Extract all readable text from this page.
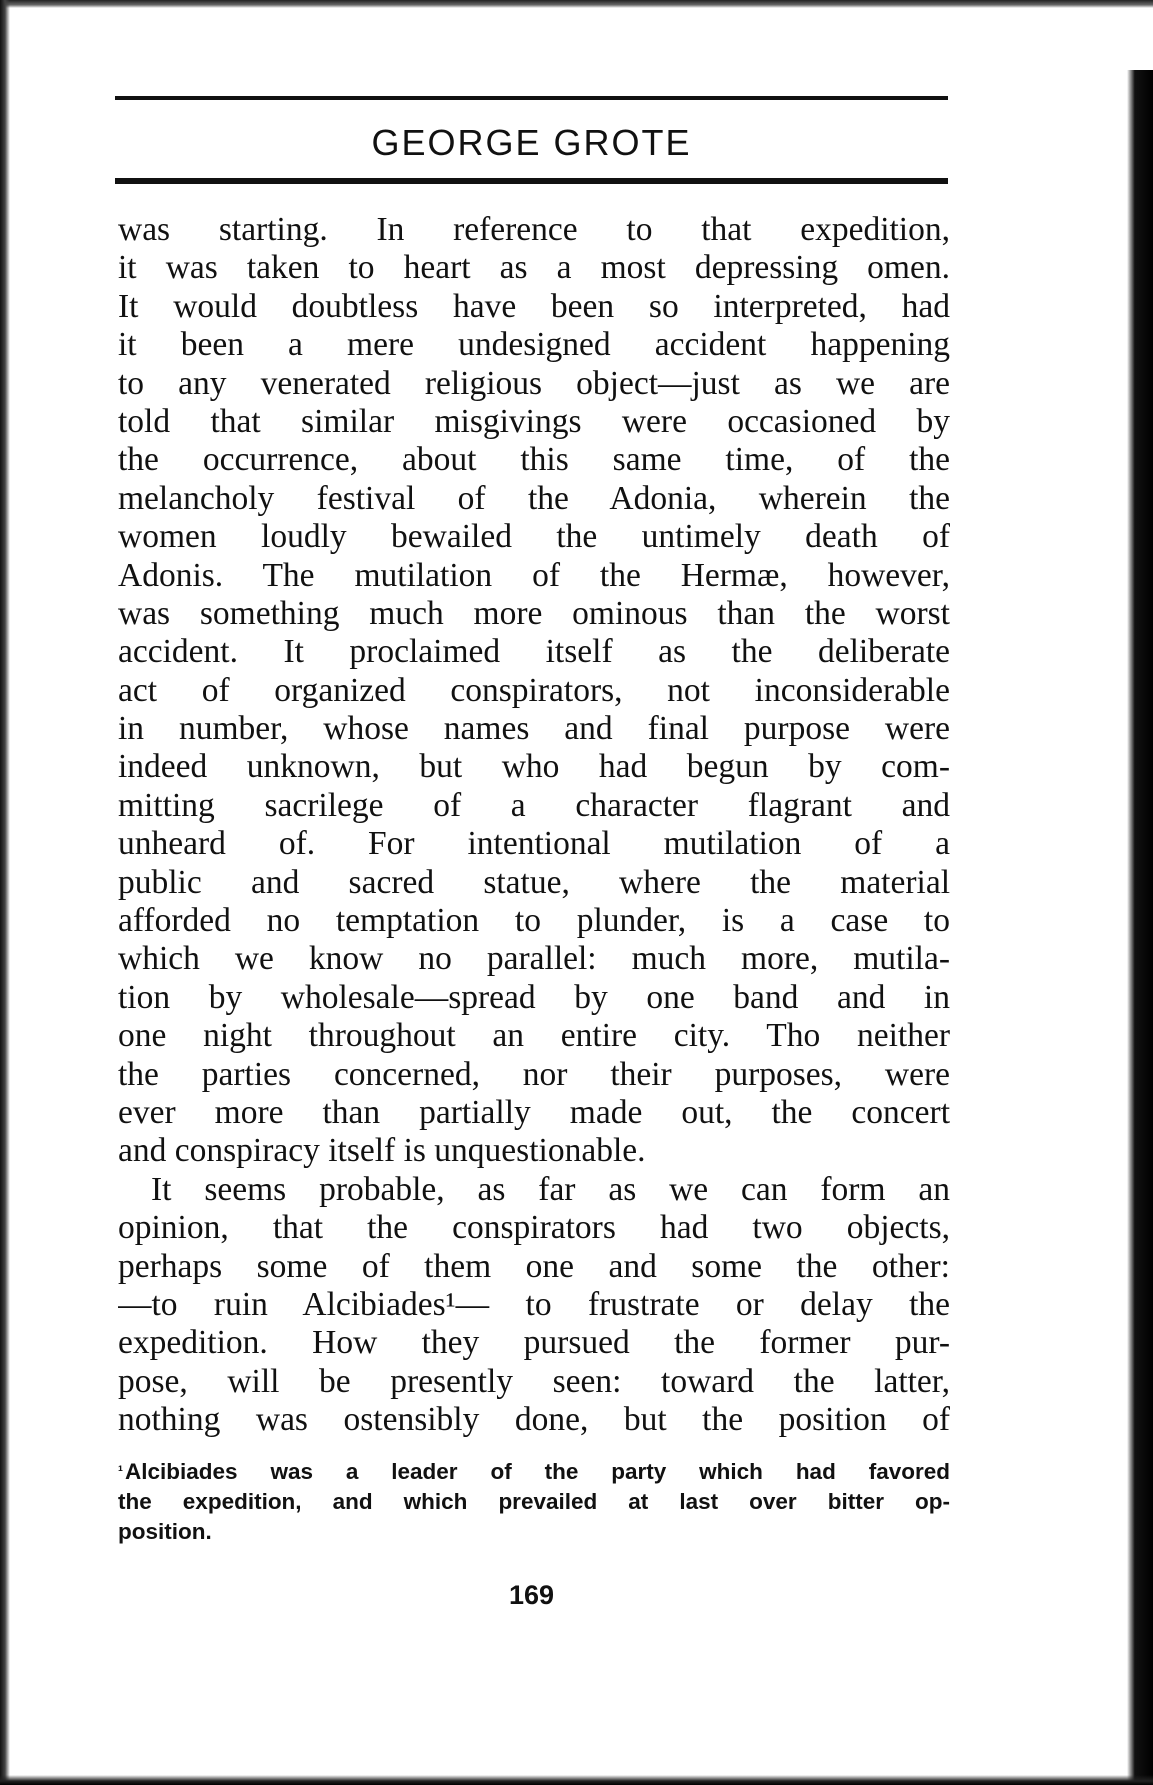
GEORGE GROTE
was starting. In reference to that expedition,
it was taken to heart as a most depressing omen.
It would doubtless have been so interpreted, had
it been a mere undesigned accident happening
to any venerated religious object—just as we are
told that similar misgivings were occasioned by
the occurrence, about this same time, of the
melancholy festival of the Adonia, wherein the
women loudly bewailed the untimely death of
Adonis. The mutilation of the Hermæ, however,
was something much more ominous than the worst
accident. It proclaimed itself as the deliberate
act of organized conspirators, not inconsiderable
in number, whose names and final purpose were
indeed unknown, but who had begun by com-
mitting sacrilege of a character flagrant and
unheard of. For intentional mutilation of a
public and sacred statue, where the material
afforded no temptation to plunder, is a case to
which we know no parallel: much more, mutila-
tion by wholesale—spread by one band and in
one night throughout an entire city. Tho neither
the parties concerned, nor their purposes, were
ever more than partially made out, the concert
and conspiracy itself is unquestionable.
It seems probable, as far as we can form an
opinion, that the conspirators had two objects,
perhaps some of them one and some the other:
—to ruin Alcibiades¹— to frustrate or delay the
expedition. How they pursued the former pur-
pose, will be presently seen: toward the latter,
nothing was ostensibly done, but the position of
$^{^1}$Alcibiades was a leader of the party which had favored
the expedition, and which prevailed at last over bitter op-
position.
169
